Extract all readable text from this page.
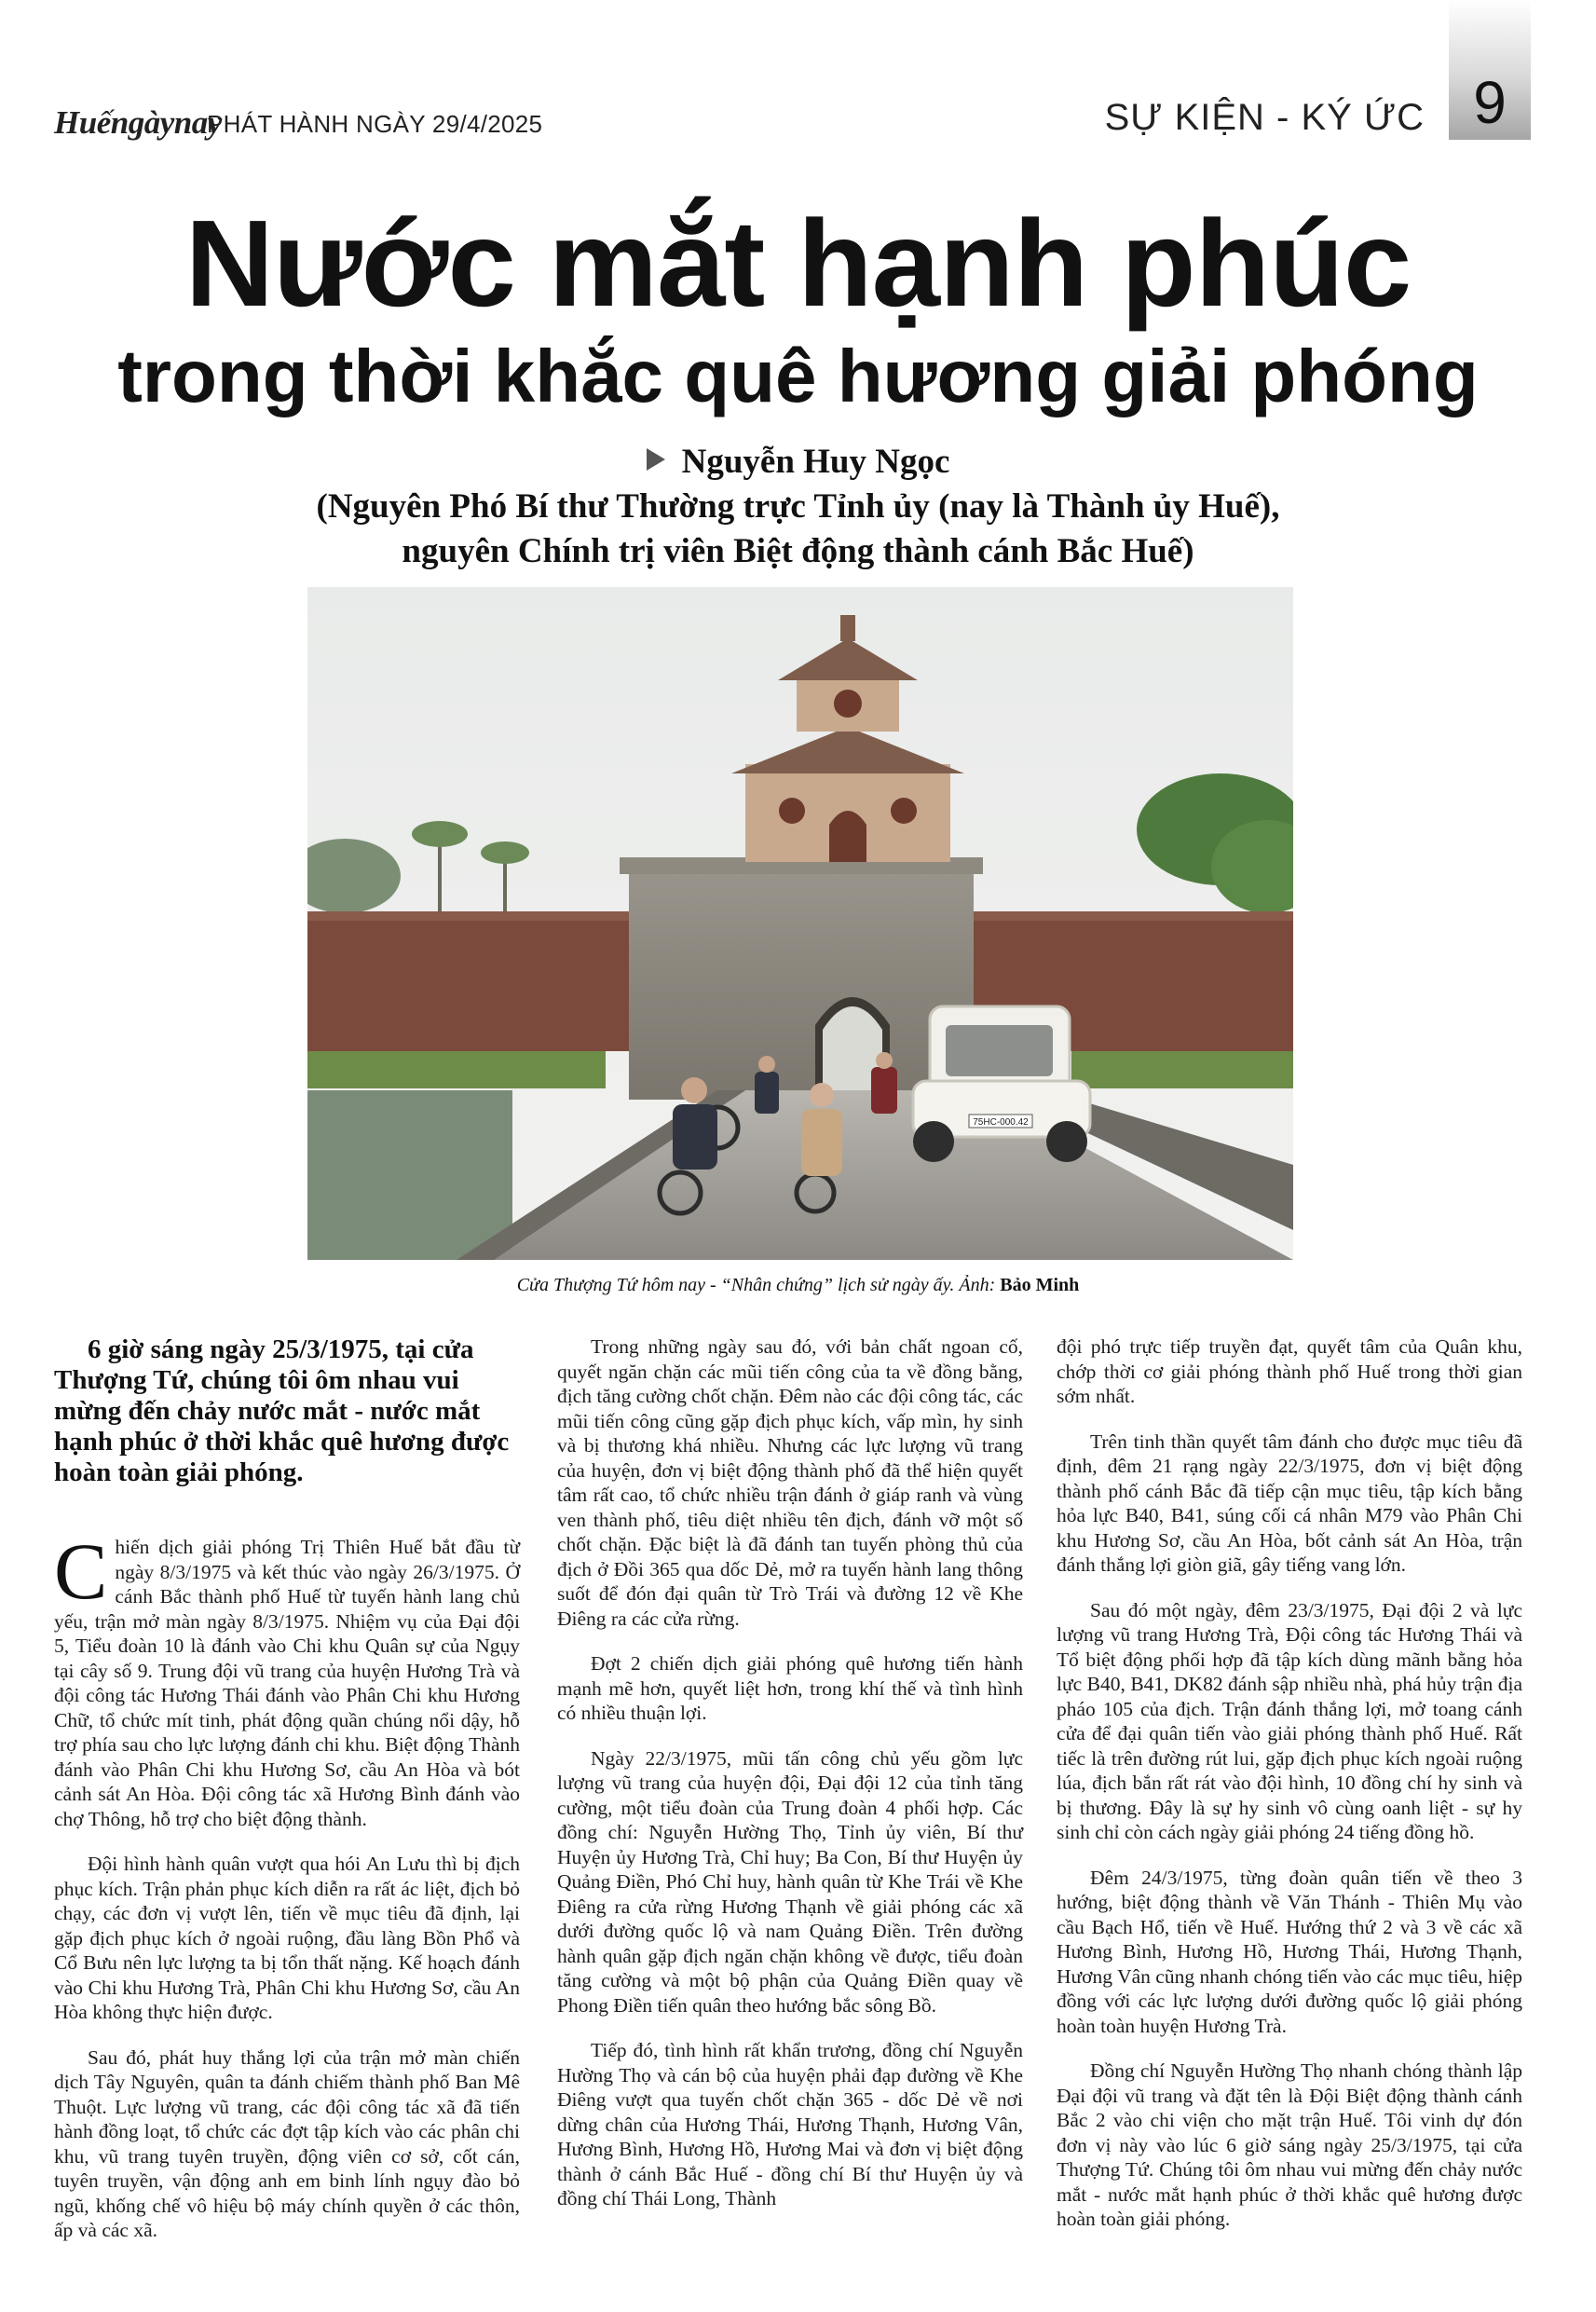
9
Huếngàynay
PHÁT HÀNH NGÀY 29/4/2025	SỰ KIỆN - KÝ ỨC
Nước mắt hạnh phúc
trong thời khắc quê hương giải phóng
Nguyễn Huy Ngọc
(Nguyên Phó Bí thư Thường trực Tỉnh ủy (nay là Thành ủy Huế),
nguyên Chính trị viên Biệt động thành cánh Bắc Huế)
75HC-000.42
Cửa Thượng Tứ hôm nay - “Nhân chứng” lịch sử ngày ấy. Ảnh: Bảo Minh
6 giờ sáng ngày 25/3/1975, tại cửa Thượng Tứ, chúng tôi ôm nhau vui mừng đến chảy nước mắt - nước mắt hạnh phúc ở thời khắc quê hương được hoàn toàn giải phóng.

Chiến dịch giải phóng Trị Thiên Huế bắt đầu từ ngày 8/3/1975 và kết thúc vào ngày 26/3/1975. Ở cánh Bắc thành phố Huế từ tuyến hành lang chủ yếu, trận mở màn ngày 8/3/1975. Nhiệm vụ của Đại đội 5, Tiểu đoàn 10 là đánh vào Chi khu Quân sự của Ngụy tại cây số 9. Trung đội vũ trang của huyện Hương Trà và đội công tác Hương Thái đánh vào Phân Chi khu Hương Chữ, tổ chức mít tinh, phát động quần chúng nổi dậy, hỗ trợ phía sau cho lực lượng đánh chi khu. Biệt động Thành đánh vào Phân Chi khu Hương Sơ, cầu An Hòa và bót cảnh sát An Hòa. Đội công tác xã Hương Bình đánh vào chợ Thông, hỗ trợ cho biệt động thành.

Đội hình hành quân vượt qua hói An Lưu thì bị địch phục kích. Trận phản phục kích diễn ra rất ác liệt, địch bỏ chạy, các đơn vị vượt lên, tiến về mục tiêu đã định, lại gặp địch phục kích ở ngoài ruộng, đầu làng Bồn Phổ và Cổ Bưu nên lực lượng ta bị tổn thất nặng. Kế hoạch đánh vào Chi khu Hương Trà, Phân Chi khu Hương Sơ, cầu An Hòa không thực hiện được.

Sau đó, phát huy thắng lợi của trận mở màn chiến dịch Tây Nguyên, quân ta đánh chiếm thành phố Ban Mê Thuột. Lực lượng vũ trang, các đội công tác xã đã tiến hành đồng loạt, tổ chức các đợt tập kích vào các phân chi khu, vũ trang tuyên truyền, động viên cơ sở, cốt cán, tuyên truyền, vận động anh em binh lính ngụy đào bỏ ngũ, khống chế vô hiệu bộ máy chính quyền ở các thôn, ấp và các xã.

Trong những ngày sau đó, với bản chất ngoan cố, quyết ngăn chặn các mũi tiến công của ta về đồng bằng, địch tăng cường chốt chặn. Đêm nào các đội công tác, các mũi tiến công cũng gặp địch phục kích, vấp mìn, hy sinh và bị thương khá nhiều. Nhưng các lực lượng vũ trang của huyện, đơn vị biệt động thành phố đã thể hiện quyết tâm rất cao, tổ chức nhiều trận đánh ở giáp ranh và vùng ven thành phố, tiêu diệt nhiều tên địch, đánh vỡ một số chốt chặn. Đặc biệt là đã đánh tan tuyến phòng thủ của địch ở Đồi 365 qua dốc Dẻ, mở ra tuyến hành lang thông suốt để đón đại quân từ Trò Trái và đường 12 về Khe Điêng ra các cửa rừng.

Đợt 2 chiến dịch giải phóng quê hương tiến hành mạnh mẽ hơn, quyết liệt hơn, trong khí thế và tình hình có nhiều thuận lợi.

Ngày 22/3/1975, mũi tấn công chủ yếu gồm lực lượng vũ trang của huyện đội, Đại đội 12 của tỉnh tăng cường, một tiểu đoàn của Trung đoàn 4 phối hợp. Các đồng chí: Nguyễn Hường Thọ, Tỉnh ủy viên, Bí thư Huyện ủy Hương Trà, Chỉ huy; Ba Con, Bí thư Huyện ủy Quảng Điền, Phó Chỉ huy, hành quân từ Khe Trái về Khe Điêng ra cửa rừng Hương Thạnh về giải phóng các xã dưới đường quốc lộ và nam Quảng Điền. Trên đường hành quân gặp địch ngăn chặn không về được, tiểu đoàn tăng cường và một bộ phận của Quảng Điền quay về Phong Điền tiến quân theo hướng bắc sông Bồ.

Tiếp đó, tình hình rất khẩn trương, đồng chí Nguyễn Hường Thọ và cán bộ của huyện phải đạp đường về Khe Điêng vượt qua tuyến chốt chặn 365 - dốc Dẻ về nơi dừng chân của Hương Thái, Hương Thạnh, Hương Vân, Hương Bình, Hương Hồ, Hương Mai và đơn vị biệt động thành ở cánh Bắc Huế - đồng chí Bí thư Huyện ủy và đồng chí Thái Long, Thành

đội phó trực tiếp truyền đạt, quyết tâm của Quân khu, chớp thời cơ giải phóng thành phố Huế trong thời gian sớm nhất.

Trên tinh thần quyết tâm đánh cho được mục tiêu đã định, đêm 21 rạng ngày 22/3/1975, đơn vị biệt động thành phố cánh Bắc đã tiếp cận mục tiêu, tập kích bằng hỏa lực B40, B41, súng cối cá nhân M79 vào Phân Chi khu Hương Sơ, cầu An Hòa, bốt cảnh sát An Hòa, trận đánh thắng lợi giòn giã, gây tiếng vang lớn.

Sau đó một ngày, đêm 23/3/1975, Đại đội 2 và lực lượng vũ trang Hương Trà, Đội công tác Hương Thái và Tổ biệt động phối hợp đã tập kích dùng mãnh bằng hỏa lực B40, B41, DK82 đánh sập nhiều nhà, phá hủy trận địa pháo 105 của địch. Trận đánh thắng lợi, mở toang cánh cửa để đại quân tiến vào giải phóng thành phố Huế. Rất tiếc là trên đường rút lui, gặp địch phục kích ngoài ruộng lúa, địch bắn rất rát vào đội hình, 10 đồng chí hy sinh và bị thương. Đây là sự hy sinh vô cùng oanh liệt - sự hy sinh chỉ còn cách ngày giải phóng 24 tiếng đồng hồ.

Đêm 24/3/1975, từng đoàn quân tiến về theo 3 hướng, biệt động thành về Văn Thánh - Thiên Mụ vào cầu Bạch Hổ, tiến về Huế. Hướng thứ 2 và 3 về các xã Hương Bình, Hương Hồ, Hương Thái, Hương Thạnh, Hương Vân cũng nhanh chóng tiến vào các mục tiêu, hiệp đồng với các lực lượng dưới đường quốc lộ giải phóng hoàn toàn huyện Hương Trà.

Đồng chí Nguyễn Hường Thọ nhanh chóng thành lập Đại đội vũ trang và đặt tên là Đội Biệt động thành cánh Bắc 2 vào chi viện cho mặt trận Huế. Tôi vinh dự đón đơn vị này vào lúc 6 giờ sáng ngày 25/3/1975, tại cửa Thượng Tứ. Chúng tôi ôm nhau vui mừng đến chảy nước mắt - nước mắt hạnh phúc ở thời khắc quê hương được hoàn toàn giải phóng.
